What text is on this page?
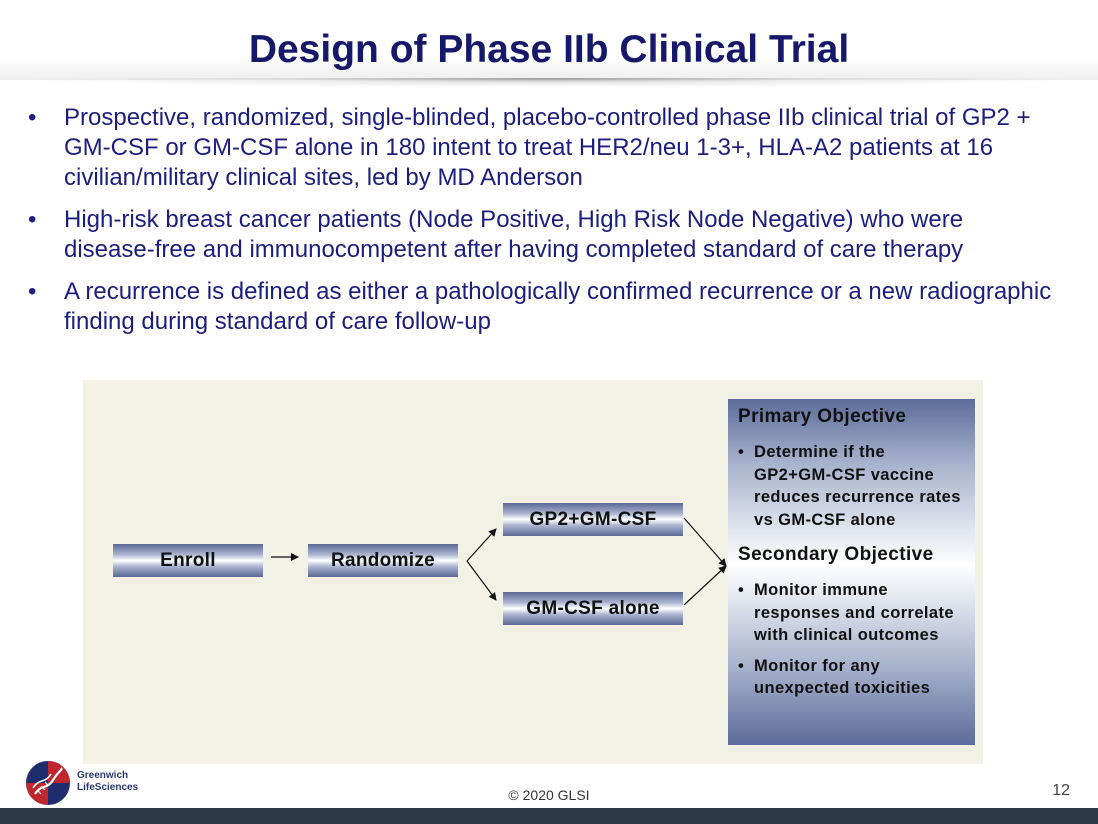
Design of Phase IIb Clinical Trial
• Prospective, randomized, single-blinded, placebo-controlled phase IIb clinical trial of GP2 + GM-CSF or GM-CSF alone in 180 intent to treat HER2/neu 1-3+, HLA-A2 patients at 16 civilian/military clinical sites, led by MD Anderson
• High-risk breast cancer patients (Node Positive, High Risk Node Negative) who were disease-free and immunocompetent after having completed standard of care therapy
• A recurrence is defined as either a pathologically confirmed recurrence or a new radiographic finding during standard of care follow-up
Enroll	Randomize
GP2+GM-CSF
GM-CSF alone
Primary Objective
• Determine if the GP2+GM-CSF vaccine reduces recurrence rates vs GM-CSF alone
Secondary Objective
• Monitor immune responses and correlate with clinical outcomes
• Monitor for any unexpected toxicities
Greenwich
LifeSciences	© 2020 GLSI	12
